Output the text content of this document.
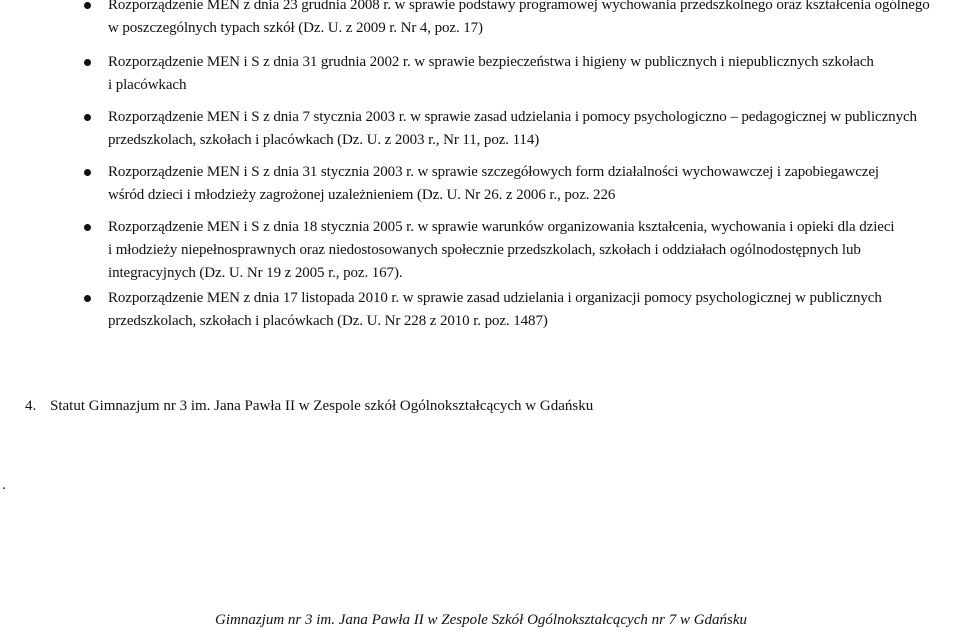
Rozporządzenie MEN z dnia 23 grudnia 2008 r. w sprawie podstawy programowej wychowania przedszkolnego oraz kształcenia ogólnego
w poszczególnych typach szkół (Dz. U. z 2009 r. Nr 4, poz. 17)
Rozporządzenie MEN i S z dnia 31 grudnia 2002 r. w sprawie bezpieczeństwa i higieny w publicznych i niepublicznych szkołach
i placówkach
Rozporządzenie MEN i S z dnia 7 stycznia 2003 r. w sprawie zasad udzielania i pomocy psychologiczno – pedagogicznej w publicznych
przedszkolach, szkołach i placówkach (Dz. U. z 2003 r., Nr 11, poz. 114)
Rozporządzenie MEN i S z dnia 31 stycznia 2003 r. w sprawie szczegółowych form działalności wychowawczej i zapobiegawczej
wśród dzieci i młodzieży zagrożonej uzależnieniem (Dz. U. Nr 26. z 2006 r., poz. 226
Rozporządzenie MEN i S z dnia 18 stycznia 2005 r. w sprawie warunków organizowania kształcenia, wychowania i opieki dla dzieci
i młodzieży niepełnosprawnych oraz niedostosowanych społecznie przedszkolach, szkołach i oddziałach ogólnodostępnych lub
integracyjnych (Dz. U. Nr 19 z 2005 r., poz. 167).
Rozporządzenie MEN z dnia 17 listopada 2010 r. w sprawie zasad udzielania i organizacji pomocy psychologicznej w publicznych
przedszkolach, szkołach i placówkach (Dz. U. Nr 228 z 2010 r. poz. 1487)
4. Statut Gimnazjum nr 3 im. Jana Pawła II w Zespole szkół Ogólnokształcących w Gdańsku
.
Gimnazjum nr 3 im. Jana Pawła II w Zespole Szkół Ogólnokształcących nr 7 w Gdańsku
